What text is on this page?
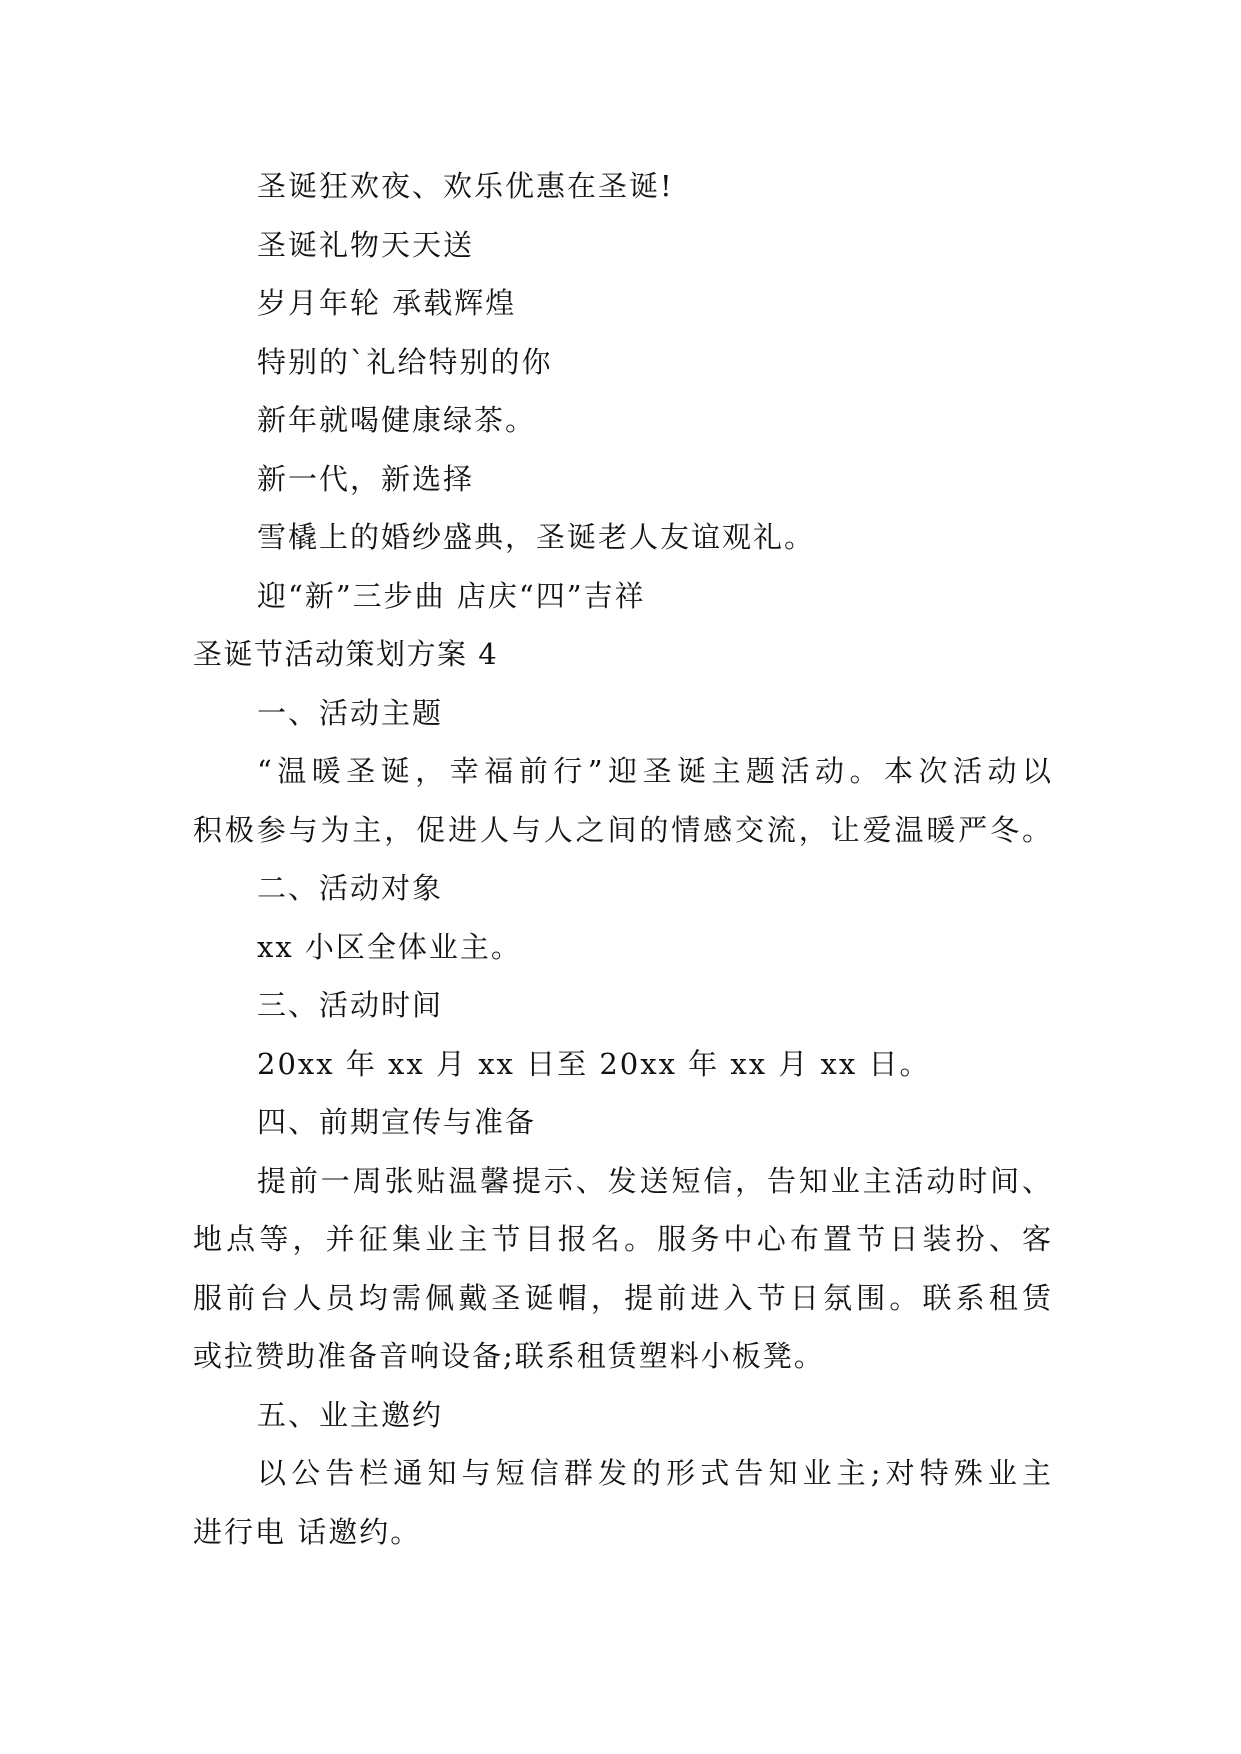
圣诞狂欢夜、欢乐优惠在圣诞!
圣诞礼物天天送
岁月年轮 承载辉煌
特别的`礼给特别的你
新年就喝健康绿茶。
新一代，新选择
雪橇上的婚纱盛典，圣诞老人友谊观礼。
迎“新”三步曲 店庆“四”吉祥
圣诞节活动策划方案 4
一、活动主题
“温暖圣诞，幸福前行”迎圣诞主题活动。本次活动以
积极参与为主，促进人与人之间的情感交流，让爱温暖严冬。
二、活动对象
xx 小区全体业主。
三、活动时间
20xx 年 xx 月 xx 日至 20xx 年 xx 月 xx 日。
四、前期宣传与准备
提前一周张贴温馨提示、发送短信，告知业主活动时间、
地点等，并征集业主节目报名。服务中心布置节日装扮、客
服前台人员均需佩戴圣诞帽，提前进入节日氛围。联系租赁
或拉赞助准备音响设备;联系租赁塑料小板凳。
五、业主邀约
以公告栏通知与短信群发的形式告知业主;对特殊业主
进行电 话邀约。
